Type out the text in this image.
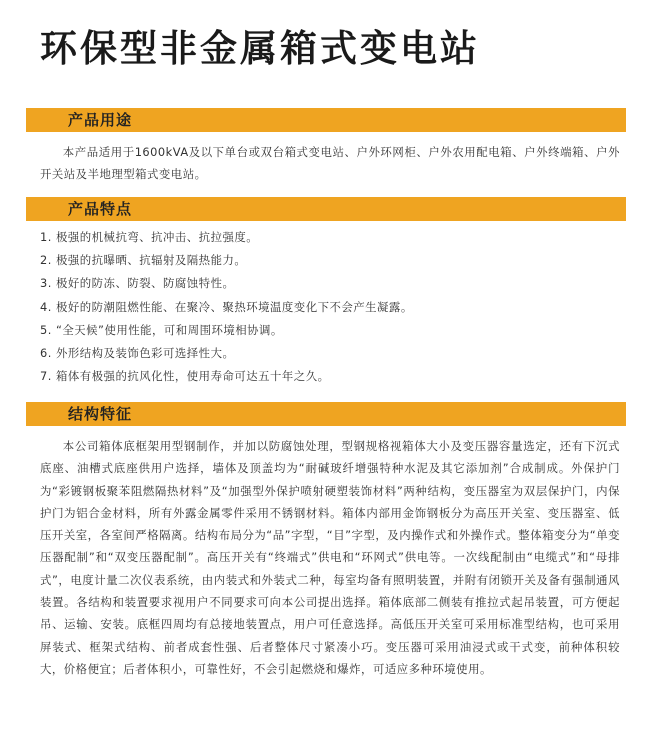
环保型非金属箱式变电站
产品用途

本产品适用于1600kVA及以下单台或双台箱式变电站、户外环网柜、户外农用配电箱、户外终端箱、户外开关站及半地理型箱式变电站。

产品特点
1. 极强的机械抗弯、抗冲击、抗拉强度。
2. 极强的抗曝晒、抗辐射及隔热能力。
3. 极好的防冻、防裂、防腐蚀特性。
4. 极好的防潮阻燃性能、在聚冷、聚热环境温度变化下不会产生凝露。
5. “全天候”使用性能，可和周围环境相协调。
6. 外形结构及装饰色彩可选择性大。
7. 箱体有极强的抗风化性，使用寿命可达五十年之久。
结构特征

本公司箱体底框架用型钢制作，并加以防腐蚀处理，型钢规格视箱体大小及变压器容量选定，还有下沉式底座、油槽式底座供用户选择，墙体及顶盖均为“耐碱玻纤增强特种水泥及其它添加剂”合成制成。外保护门为“彩镀钢板聚苯阻燃隔热材料”及“加强型外保护喷射硬塑装饰材料”两种结构，变压器室为双层保护门，内保护门为铝合金材料，所有外露金属零件采用不锈钢材料。箱体内部用金饰钢板分为高压开关室、变压器室、低压开关室，各室间严格隔离。结构布局分为“品”字型，“目”字型，及内操作式和外操作式。整体箱变分为“单变压器配制”和“双变压器配制”。高压开关有“终端式”供电和“环网式”供电等。一次线配制由“电缆式”和“母排式”，电度计量二次仪表系统，由内装式和外装式二种，每室均备有照明装置，并附有闭锁开关及备有强制通风装置。各结构和装置要求视用户不同要求可向本公司提出选择。箱体底部二侧装有推拉式起吊装置，可方便起吊、运输、安装。底框四周均有总接地装置点，用户可任意选择。高低压开关室可采用标准型结构，也可采用屏装式、框架式结构、前者成套性强、后者整体尺寸紧凑小巧。变压器可采用油浸式或干式变，前种体积较大，价格便宜；后者体积小，可靠性好，不会引起燃烧和爆炸，可适应多种环境使用。
